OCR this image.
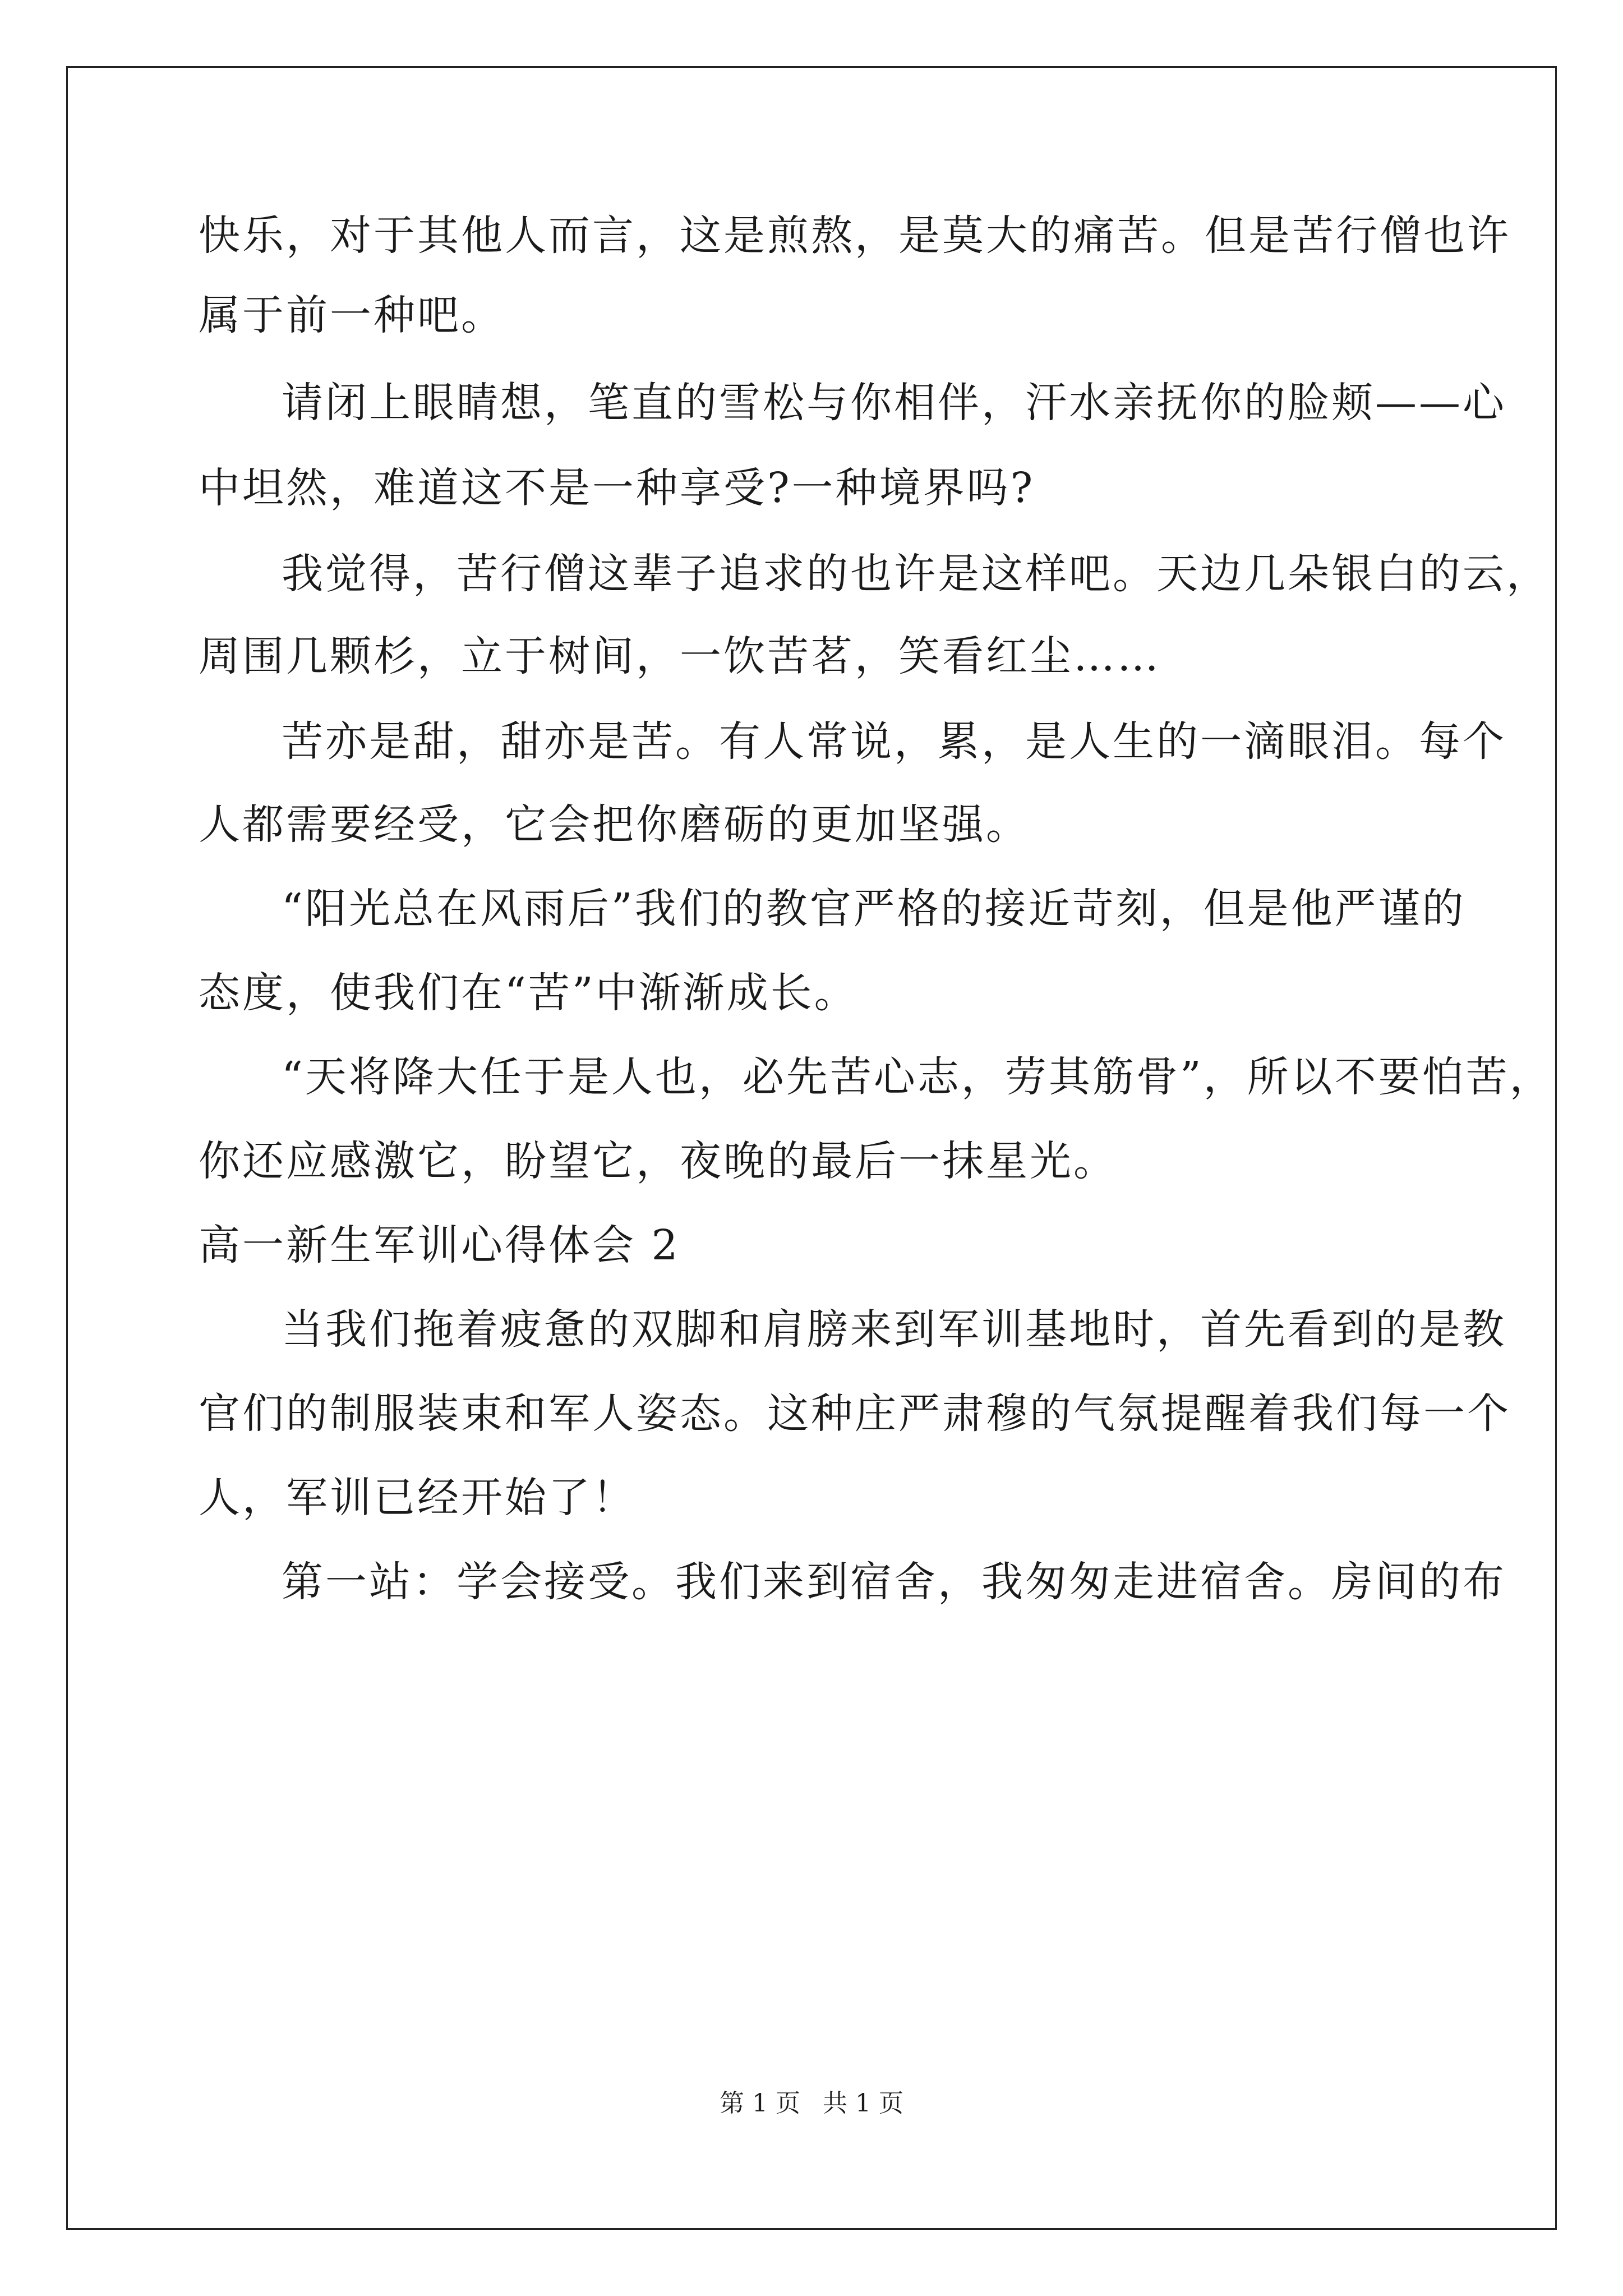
快乐，对于其他人而言，这是煎熬，是莫大的痛苦。但是苦行僧也许
属于前一种吧。
请闭上眼睛想，笔直的雪松与你相伴，汗水亲抚你的脸颊——心
中坦然，难道这不是一种享受?一种境界吗?
我觉得，苦行僧这辈子追求的也许是这样吧。天边几朵银白的云，
周围几颗杉，立于树间，一饮苦茗，笑看红尘……
苦亦是甜，甜亦是苦。有人常说，累，是人生的一滴眼泪。每个
人都需要经受，它会把你磨砺的更加坚强。
“阳光总在风雨后”我们的教官严格的接近苛刻，但是他严谨的
态度，使我们在“苦”中渐渐成长。
“天将降大任于是人也，必先苦心志，劳其筋骨”，所以不要怕苦，
你还应感激它，盼望它，夜晚的最后一抹星光。
高一新生军训心得体会 2
当我们拖着疲惫的双脚和肩膀来到军训基地时，首先看到的是教
官们的制服装束和军人姿态。这种庄严肃穆的气氛提醒着我们每一个
人，军训已经开始了！
第一站：学会接受。我们来到宿舍，我匆匆走进宿舍。房间的布
第 1 页 共 1 页
